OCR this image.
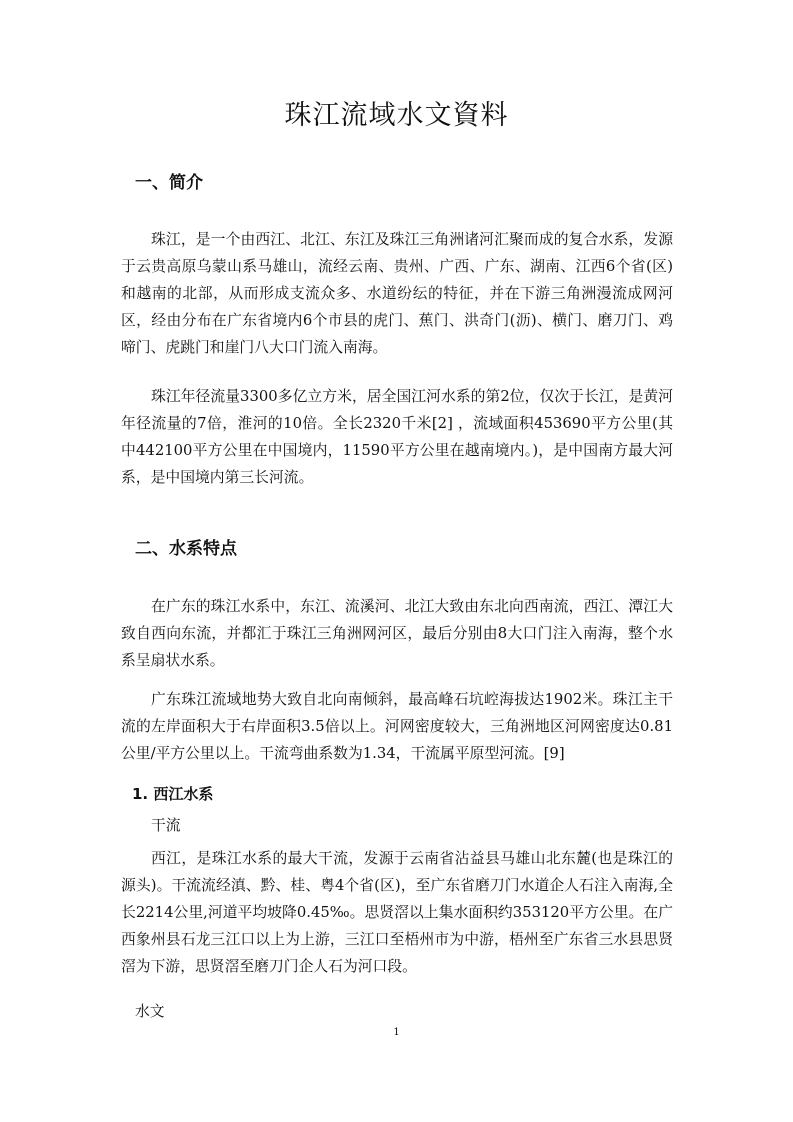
珠江流域水文資料
一、简介

珠江，是一个由西江、北江、东江及珠江三角洲诸河汇聚而成的复合水系，发源于云贵高原乌蒙山系马雄山，流经云南、贵州、广西、广东、湖南、江西6个省(区)和越南的北部，从而形成支流众多、水道纷纭的特征，并在下游三角洲漫流成网河区，经由分布在广东省境内6个市县的虎门、蕉门、洪奇门(沥)、横门、磨刀门、鸡啼门、虎跳门和崖门八大口门流入南海。

珠江年径流量3300多亿立方米，居全国江河水系的第2位，仅次于长江，是黄河年径流量的7倍，淮河的10倍。全长2320千米[2] ，流域面积453690平方公里(其中442100平方公里在中国境内，11590平方公里在越南境内。)，是中国南方最大河系，是中国境内第三长河流。

二、水系特点

在广东的珠江水系中，东江、流溪河、北江大致由东北向西南流，西江、潭江大致自西向东流，并都汇于珠江三角洲网河区，最后分别由8大口门注入南海，整个水系呈扇状水系。

广东珠江流域地势大致自北向南倾斜，最高峰石坑崆海拔达1902米。珠江主干流的左岸面积大于右岸面积3.5倍以上。河网密度较大，三角洲地区河网密度达0.81公里/平方公里以上。干流弯曲系数为1.34，干流属平原型河流。[9]

1. 西江水系
干流

西江，是珠江水系的最大干流，发源于云南省沾益县马雄山北东麓(也是珠江的源头)。干流流经滇、黔、桂、粤4个省(区)，至广东省磨刀门水道企人石注入南海,全长2214公里,河道平均坡降0.45‰。思贤滘以上集水面积约353120平方公里。在广西象州县石龙三江口以上为上游，三江口至梧州市为中游，梧州至广东省三水县思贤滘为下游，思贤滘至磨刀门企人石为河口段。

水文
1
